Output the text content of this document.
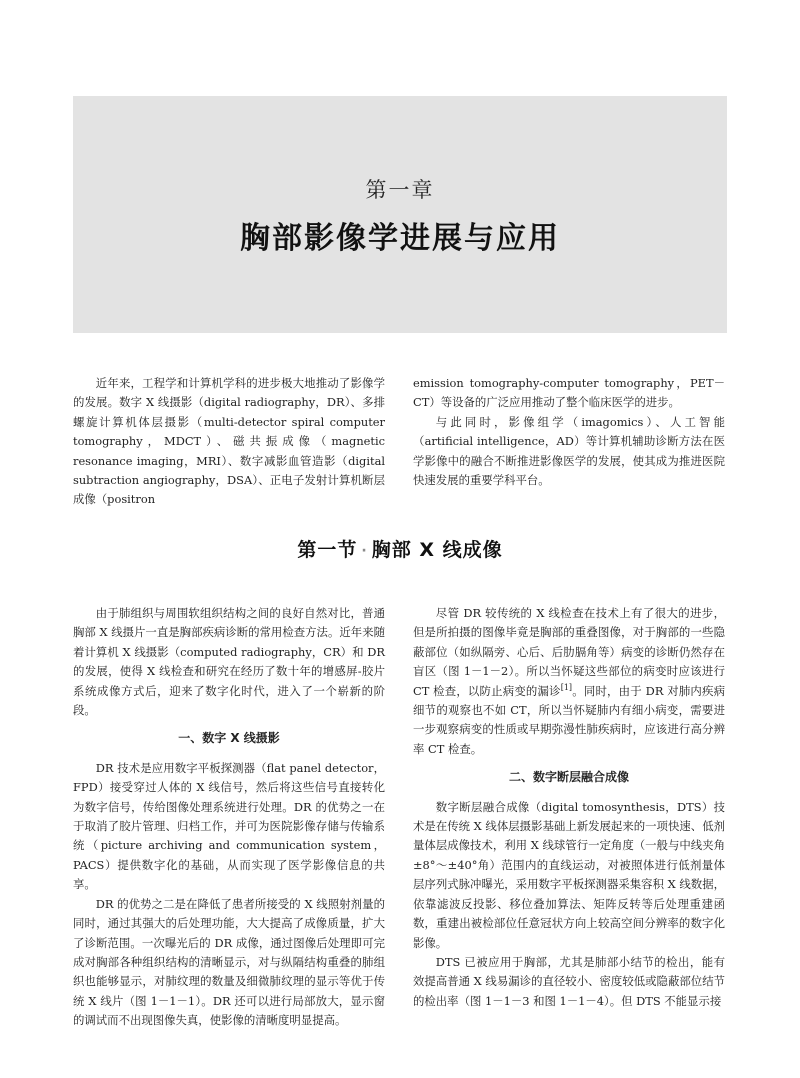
第一章
胸部影像学进展与应用

近年来，工程学和计算机学科的进步极大地推动了影像学的发展。数字 X 线摄影（digital radiography，DR）、多排螺旋计算机体层摄影（multi-detector spiral computer tomography，MDCT）、磁共振成像（magnetic resonance imaging，MRI）、数字减影血管造影（digital subtraction angiography，DSA）、正电子发射计算机断层成像（positron

emission tomography-computer tomography，PET－CT）等设备的广泛应用推动了整个临床医学的进步。

与此同时，影像组学（imagomics）、人工智能（artificial intelligence，AD）等计算机辅助诊断方法在医学影像中的融合不断推进影像医学的发展，使其成为推进医院快速发展的重要学科平台。

第一节 · 胸部 X 线成像

由于肺组织与周围软组织结构之间的良好自然对比，普通胸部 X 线摄片一直是胸部疾病诊断的常用检查方法。近年来随着计算机 X 线摄影（computed radiography，CR）和 DR 的发展，使得 X 线检查和研究在经历了数十年的增感屏-胶片系统成像方式后，迎来了数字化时代，进入了一个崭新的阶段。

一、数字 X 线摄影

DR 技术是应用数字平板探测器（flat panel detector，FPD）接受穿过人体的 X 线信号，然后将这些信号直接转化为数字信号，传给图像处理系统进行处理。DR 的优势之一在于取消了胶片管理、归档工作，并可为医院影像存储与传输系统（picture archiving and communication system，PACS）提供数字化的基础，从而实现了医学影像信息的共享。

DR 的优势之二是在降低了患者所接受的 X 线照射剂量的同时，通过其强大的后处理功能，大大提高了成像质量，扩大了诊断范围。一次曝光后的 DR 成像，通过图像后处理即可完成对胸部各种组织结构的清晰显示，对与纵隔结构重叠的肺组织也能够显示，对肺纹理的数量及细微肺纹理的显示等优于传统 X 线片（图 1－1－1）。DR 还可以进行局部放大，显示窗的调试而不出现图像失真，使影像的清晰度明显提高。

尽管 DR 较传统的 X 线检查在技术上有了很大的进步，但是所拍摄的图像毕竟是胸部的重叠图像，对于胸部的一些隐蔽部位（如纵隔旁、心后、后肋膈角等）病变的诊断仍然存在盲区（图 1－1－2）。所以当怀疑这些部位的病变时应该进行 CT 检查，以防止病变的漏诊[1]。同时，由于 DR 对肺内疾病细节的观察也不如 CT，所以当怀疑肺内有细小病变，需要进一步观察病变的性质或早期弥漫性肺疾病时，应该进行高分辨率 CT 检查。

二、数字断层融合成像

数字断层融合成像（digital tomosynthesis，DTS）技术是在传统 X 线体层摄影基础上新发展起来的一项快速、低剂量体层成像技术，利用 X 线球管行一定角度（一般与中线夹角 ±8°～±40°角）范围内的直线运动，对被照体进行低剂量体层序列式脉冲曝光，采用数字平板探测器采集容积 X 线数据，依靠滤波反投影、移位叠加算法、矩阵反转等后处理重建函数，重建出被检部位任意冠状方向上较高空间分辨率的数字化影像。

DTS 已被应用于胸部，尤其是肺部小结节的检出，能有效提高普通 X 线易漏诊的直径较小、密度较低或隐蔽部位结节的检出率（图 1－1－3 和图 1－1－4）。但 DTS 不能显示接
